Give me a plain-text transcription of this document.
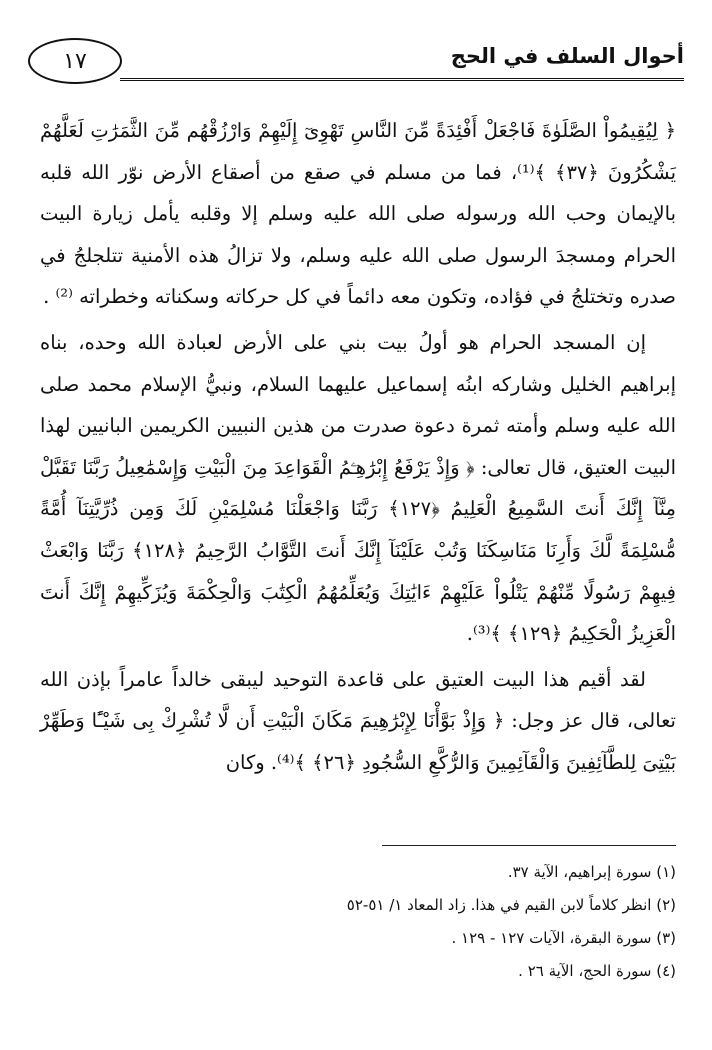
١٧	أحوال السلف في الحج

﴿ لِيُقِيمُواْ الصَّلَوٰةَ فَاجْعَلْ أَفْئِدَةً مِّنَ النَّاسِ تَهْوِىٓ إِلَيْهِمْ وَارْزُقْهُم مِّنَ الثَّمَرَٰتِ لَعَلَّهُمْ يَشْكُرُونَ ﴿٣٧﴾ ﴾⁽¹⁾، فما من مسلم في صقع من أصقاع الأرض نوّر الله قلبه بالإيمان وحب الله ورسوله صلى الله عليه وسلم إلا وقلبه يأمل زيارة البيت الحرام ومسجدَ الرسول صلى الله عليه وسلم، ولا تزالُ هذه الأمنية تتلجلجُ في صدره وتختلجُ في فؤاده، وتكون معه دائماً في كل حركاته وسكناته وخطراته ⁽²⁾ .

إن المسجد الحرام هو أولُ بيت بني على الأرض لعبادة الله وحده، بناه إبراهيم الخليل وشاركه ابنُه إسماعيل عليهما السلام، ونبيُّ الإسلام محمد صلى الله عليه وسلم وأمته ثمرة دعوة صدرت من هذين النبيين الكريمين البانيين لهذا البيت العتيق، قال تعالى: ﴿ وَإِذْ يَرْفَعُ إِبْرَٰهِـۧمُ الْقَوَاعِدَ مِنَ الْبَيْتِ وَإِسْمَٰعِيلُ رَبَّنَا تَقَبَّلْ مِنَّآ إِنَّكَ أَنتَ السَّمِيعُ الْعَلِيمُ ﴿١٢٧﴾ رَبَّنَا وَاجْعَلْنَا مُسْلِمَيْنِ لَكَ وَمِن ذُرِّيَّتِنَآ أُمَّةً مُّسْلِمَةً لَّكَ وَأَرِنَا مَنَاسِكَنَا وَتُبْ عَلَيْنَآ إِنَّكَ أَنتَ التَّوَّابُ الرَّحِيمُ ﴿١٢٨﴾ رَبَّنَا وَابْعَثْ فِيهِمْ رَسُولًا مِّنْهُمْ يَتْلُواْ عَلَيْهِمْ ءَايَٰتِكَ وَيُعَلِّمُهُمُ الْكِتَٰبَ وَالْحِكْمَةَ وَيُزَكِّيهِمْ إِنَّكَ أَنتَ الْعَزِيزُ الْحَكِيمُ ﴿١٢٩﴾ ﴾⁽³⁾.

لقد أقيم هذا البيت العتيق على قاعدة التوحيد ليبقى خالداً عامراً بإذن الله تعالى، قال عز وجل: ﴿ وَإِذْ بَوَّأْنَا لِإِبْرَٰهِيمَ مَكَانَ الْبَيْتِ أَن لَّا تُشْرِكْ بِى شَيْـًٔا وَطَهِّرْ بَيْتِىَ لِلطَّآئِفِينَ وَالْقَآئِمِينَ وَالرُّكَّعِ السُّجُودِ ﴿٢٦﴾ ﴾⁽⁴⁾. وكان

(١) سورة إبراهيم، الآية ٣٧.
(٢) انظر كلاماً لابن القيم في هذا. زاد المعاد ١/ ٥١-٥٢
(٣) سورة البقرة، الآيات ١٢٧ - ١٢٩ .
(٤) سورة الحج، الآية ٢٦ .
